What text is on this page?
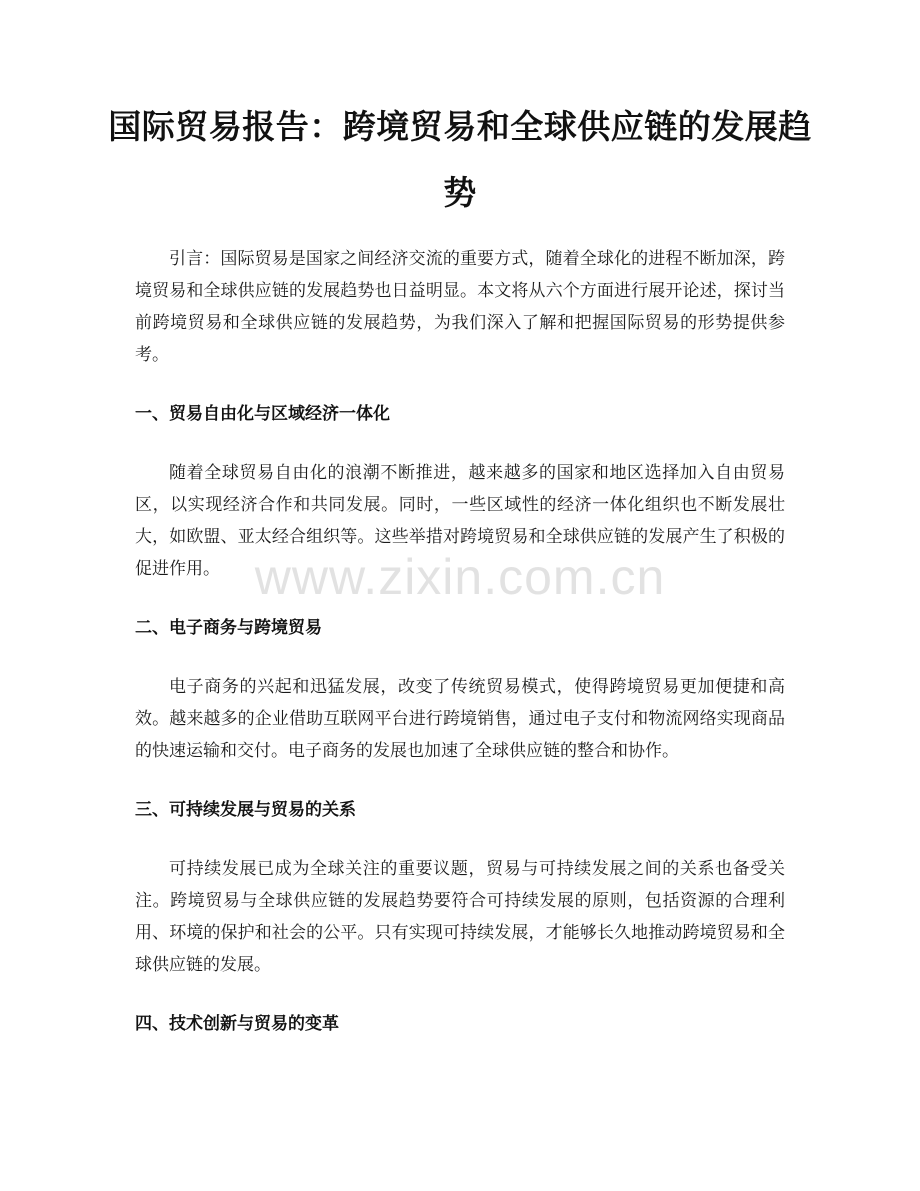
国际贸易报告：跨境贸易和全球供应链的发展趋势

引言：国际贸易是国家之间经济交流的重要方式，随着全球化的进程不断加深，跨境贸易和全球供应链的发展趋势也日益明显。本文将从六个方面进行展开论述，探讨当前跨境贸易和全球供应链的发展趋势，为我们深入了解和把握国际贸易的形势提供参考。

一、贸易自由化与区域经济一体化

随着全球贸易自由化的浪潮不断推进，越来越多的国家和地区选择加入自由贸易区，以实现经济合作和共同发展。同时，一些区域性的经济一体化组织也不断发展壮大，如欧盟、亚太经合组织等。这些举措对跨境贸易和全球供应链的发展产生了积极的促进作用。

二、电子商务与跨境贸易

电子商务的兴起和迅猛发展，改变了传统贸易模式，使得跨境贸易更加便捷和高效。越来越多的企业借助互联网平台进行跨境销售，通过电子支付和物流网络实现商品的快速运输和交付。电子商务的发展也加速了全球供应链的整合和协作。

三、可持续发展与贸易的关系

可持续发展已成为全球关注的重要议题，贸易与可持续发展之间的关系也备受关注。跨境贸易与全球供应链的发展趋势要符合可持续发展的原则，包括资源的合理利用、环境的保护和社会的公平。只有实现可持续发展，才能够长久地推动跨境贸易和全球供应链的发展。

四、技术创新与贸易的变革
www.zixin.com.cn
